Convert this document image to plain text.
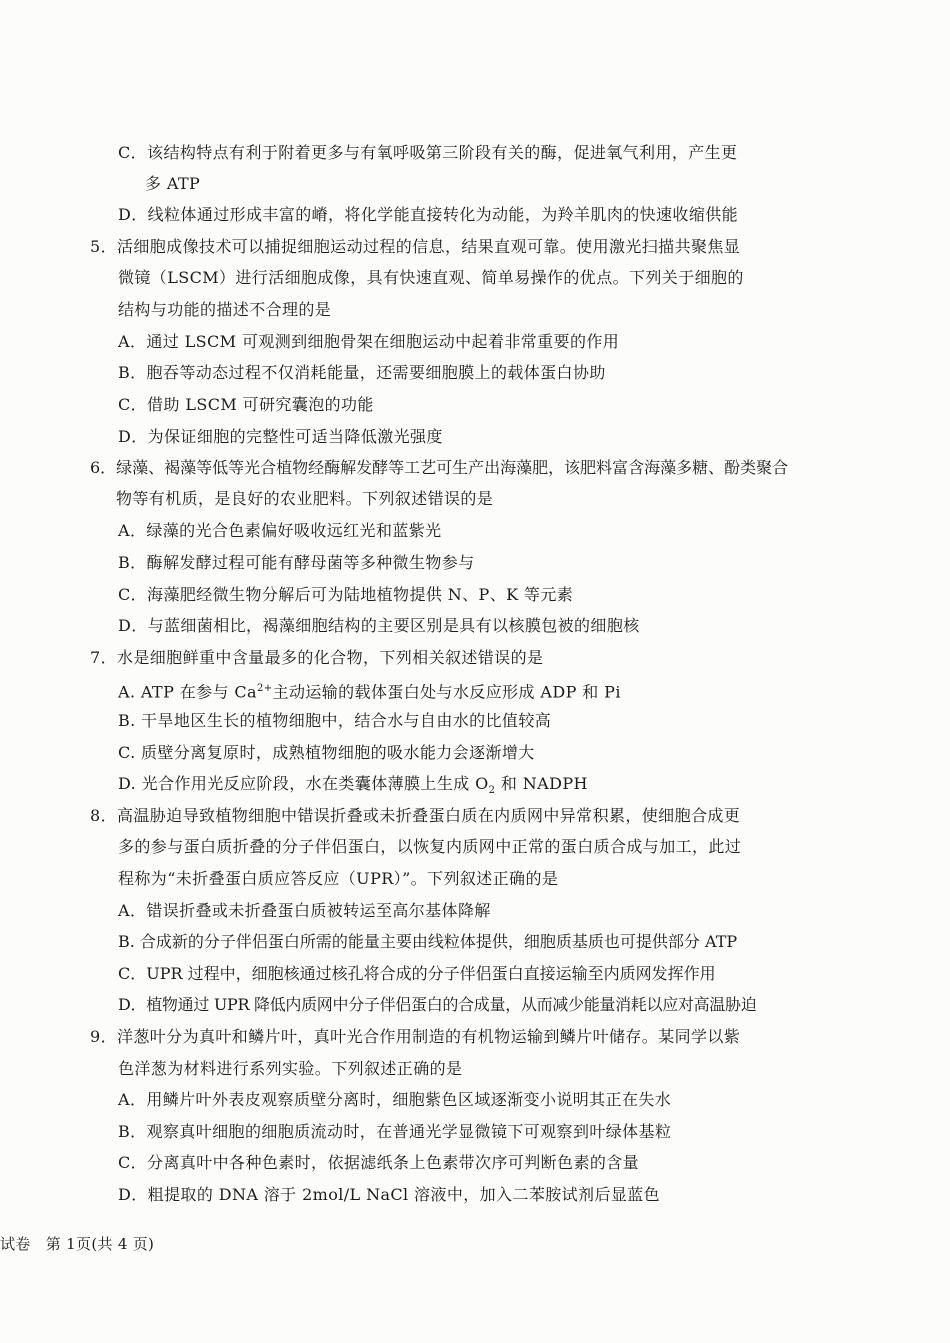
C．该结构特点有利于附着更多与有氧呼吸第三阶段有关的酶，促进氧气利用，产生更
多 ATP
D．线粒体通过形成丰富的嵴，将化学能直接转化为动能，为羚羊肌肉的快速收缩供能
5．活细胞成像技术可以捕捉细胞运动过程的信息，结果直观可靠。使用激光扫描共聚焦显
微镜（LSCM）进行活细胞成像，具有快速直观、简单易操作的优点。下列关于细胞的
结构与功能的描述不合理的是
A．通过 LSCM 可观测到细胞骨架在细胞运动中起着非常重要的作用
B．胞吞等动态过程不仅消耗能量，还需要细胞膜上的载体蛋白协助
C．借助 LSCM 可研究囊泡的功能
D．为保证细胞的完整性可适当降低激光强度
6．绿藻、褐藻等低等光合植物经酶解发酵等工艺可生产出海藻肥，该肥料富含海藻多糖、酚类聚合
物等有机质，是良好的农业肥料。下列叙述错误的是
A．绿藻的光合色素偏好吸收远红光和蓝紫光
B．酶解发酵过程可能有酵母菌等多种微生物参与
C．海藻肥经微生物分解后可为陆地植物提供 N、P、K 等元素
D．与蓝细菌相比，褐藻细胞结构的主要区别是具有以核膜包被的细胞核
7．水是细胞鲜重中含量最多的化合物，下列相关叙述错误的是
A. ATP 在参与 $Ca^{2+}$主动运输的载体蛋白处与水反应形成 ADP 和 Pi
B. 干旱地区生长的植物细胞中，结合水与自由水的比值较高
C. 质壁分离复原时，成熟植物细胞的吸水能力会逐渐增大
D. 光合作用光反应阶段，水在类囊体薄膜上生成 $O_2$ 和 NADPH
8．高温胁迫导致植物细胞中错误折叠或未折叠蛋白质在内质网中异常积累，使细胞合成更
多的参与蛋白质折叠的分子伴侣蛋白，以恢复内质网中正常的蛋白质合成与加工，此过
程称为“未折叠蛋白质应答反应（UPR）”。下列叙述正确的是
A．错误折叠或未折叠蛋白质被转运至高尔基体降解
B. 合成新的分子伴侣蛋白所需的能量主要由线粒体提供，细胞质基质也可提供部分 ATP
C．UPR 过程中，细胞核通过核孔将合成的分子伴侣蛋白直接运输至内质网发挥作用
D．植物通过 UPR 降低内质网中分子伴侣蛋白的合成量，从而减少能量消耗以应对高温胁迫
9．洋葱叶分为真叶和鳞片叶，真叶光合作用制造的有机物运输到鳞片叶储存。某同学以紫
色洋葱为材料进行系列实验。下列叙述正确的是
A．用鳞片叶外表皮观察质壁分离时，细胞紫色区域逐渐变小说明其正在失水
B．观察真叶细胞的细胞质流动时，在普通光学显微镜下可观察到叶绿体基粒
C．分离真叶中各种色素时，依据滤纸条上色素带次序可判断色素的含量
D．粗提取的 DNA 溶于 2mol/L NaCl 溶液中，加入二苯胺试剂后显蓝色
试卷   第 1页(共 4 页)
